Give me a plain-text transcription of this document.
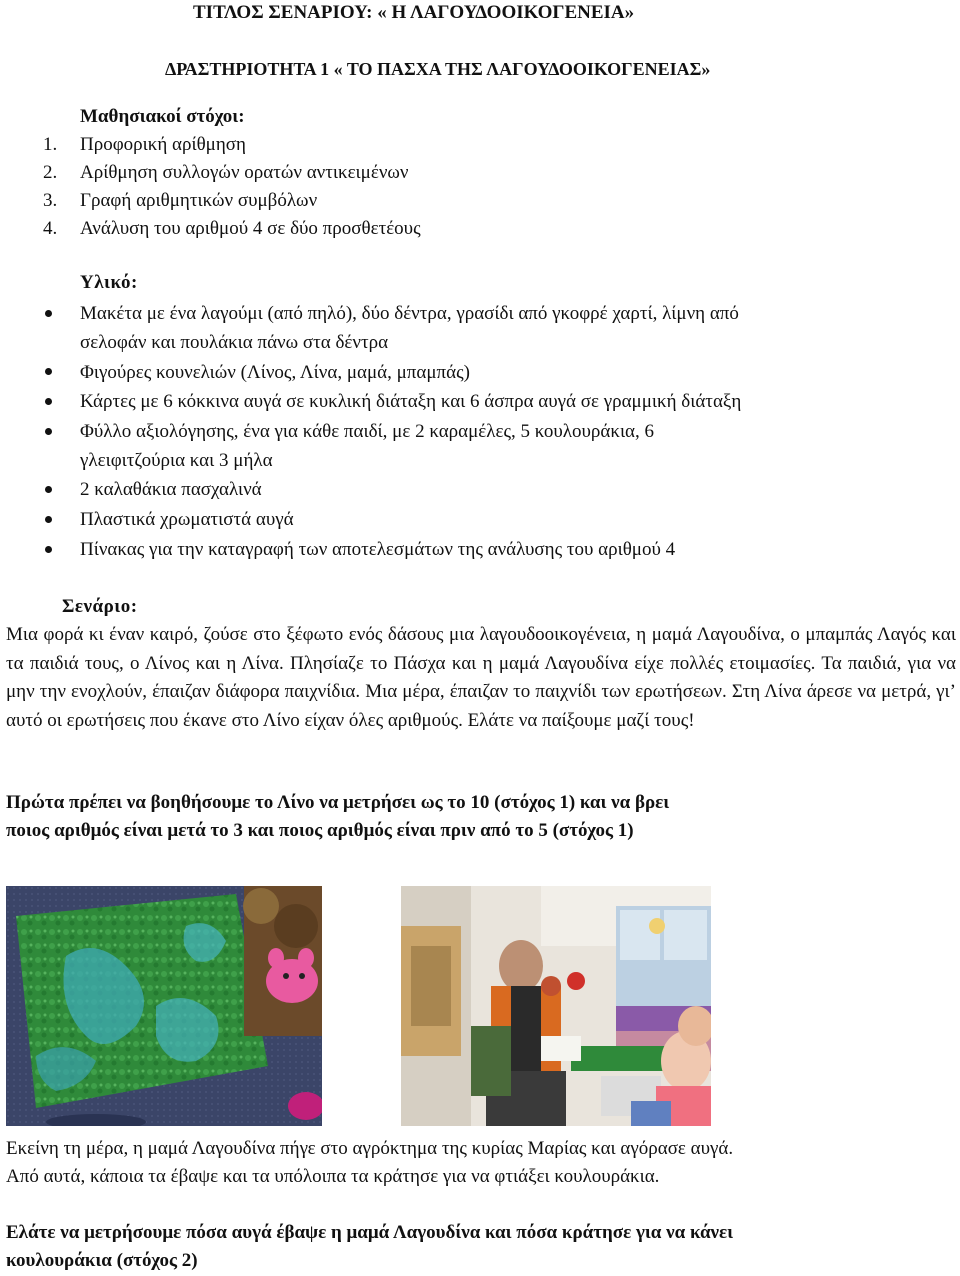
ΤΙΤΛΟΣ ΣΕΝΑΡΙΟΥ: « Η ΛΑΓΟΥΔΟΟΙΚΟΓΕΝΕΙΑ»
ΔΡΑΣΤΗΡΙΟΤΗΤΑ 1 « ΤΟ ΠΑΣΧΑ ΤΗΣ ΛΑΓΟΥΔΟΟΙΚΟΓΕΝΕΙΑΣ»
Μαθησιακοί στόχοι:
1. Προφορική αρίθμηση
2. Αρίθμηση συλλογών ορατών αντικειμένων
3. Γραφή αριθμητικών συμβόλων
4. Ανάλυση του αριθμού 4 σε δύο προσθετέους
Υλικό:
Μακέτα με ένα λαγούμι (από πηλό), δύο δέντρα, γρασίδι από γκοφρέ χαρτί, λίμνη από
σελοφάν και πουλάκια πάνω στα δέντρα
Φιγούρες κουνελιών (Λίνος, Λίνα, μαμά, μπαμπάς)
Κάρτες με 6 κόκκινα αυγά σε κυκλική διάταξη και 6 άσπρα αυγά σε γραμμική διάταξη
Φύλλο αξιολόγησης, ένα για κάθε παιδί, με 2 καραμέλες, 5 κουλουράκια, 6
γλειφιτζούρια και 3 μήλα
2 καλαθάκια πασχαλινά
Πλαστικά χρωματιστά αυγά
Πίνακας για την καταγραφή των αποτελεσμάτων της ανάλυσης του αριθμού 4
Σενάριο:

Μια φορά κι έναν καιρό, ζούσε στο ξέφωτο ενός δάσους μια λαγουδοοικογένεια, η μαμά Λαγουδίνα, ο μπαμπάς Λαγός και τα παιδιά τους, ο Λίνος και η Λίνα. Πλησίαζε το Πάσχα και η μαμά Λαγουδίνα είχε πολλές ετοιμασίες. Τα παιδιά, για να μην την ενοχλούν, έπαιζαν διάφορα παιχνίδια. Μια μέρα, έπαιζαν το παιχνίδι των ερωτήσεων. Στη Λίνα άρεσε να μετρά, γι’ αυτό οι ερωτήσεις που έκανε στο Λίνο είχαν όλες αριθμούς. Ελάτε να παίξουμε μαζί τους!

Πρώτα πρέπει να βοηθήσουμε το Λίνο να μετρήσει ως το 10 (στόχος 1) και να βρει
ποιος αριθμός είναι μετά το 3 και ποιος αριθμός είναι πριν από το 5 (στόχος 1)
Εκείνη τη μέρα, η μαμά Λαγουδίνα πήγε στο αγρόκτημα της κυρίας Μαρίας και αγόρασε αυγά.
Από αυτά, κάποια τα έβαψε και τα υπόλοιπα τα κράτησε για να φτιάξει κουλουράκια.
Ελάτε να μετρήσουμε πόσα αυγά έβαψε η μαμά Λαγουδίνα και πόσα κράτησε για να κάνει
κουλουράκια (στόχος 2)
